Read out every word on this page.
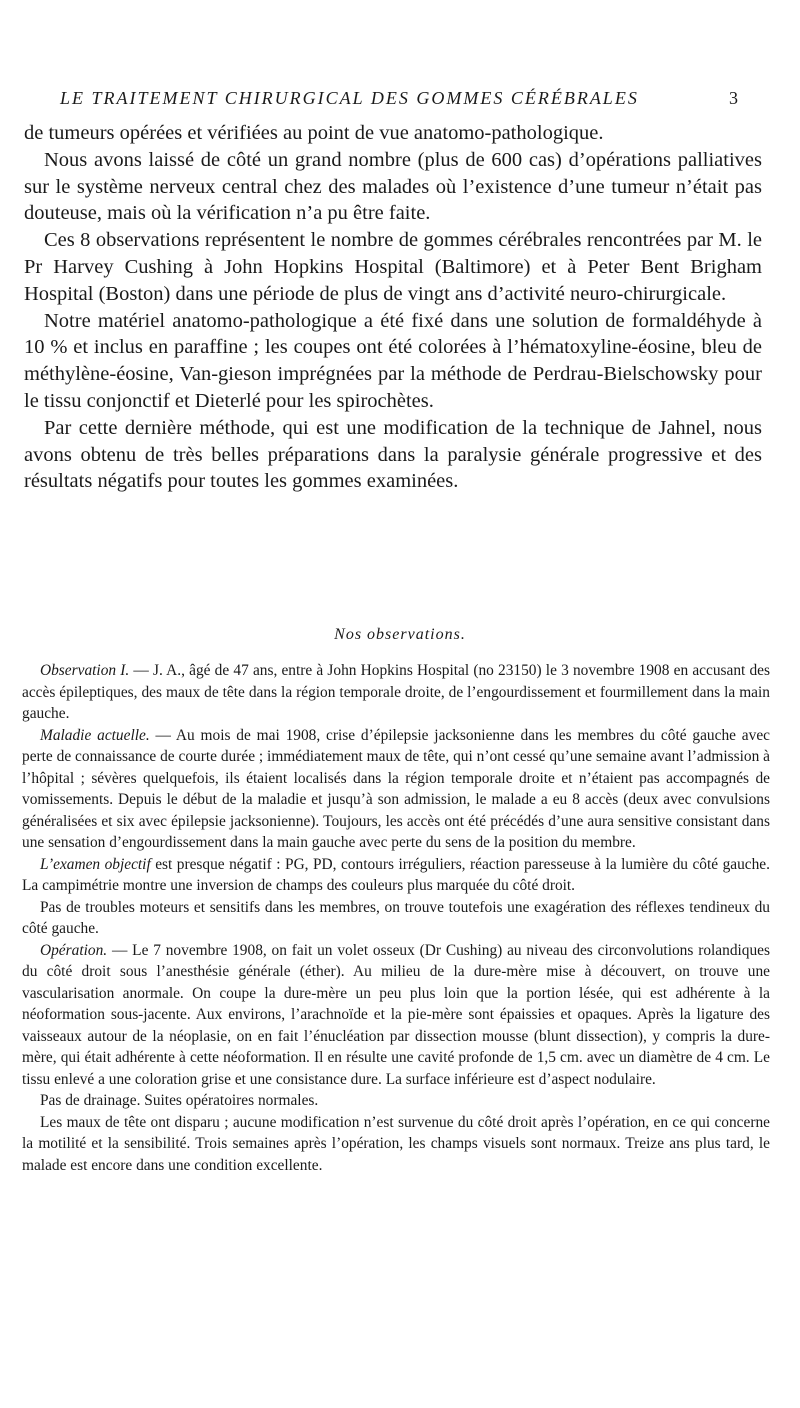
LE TRAITEMENT CHIRURGICAL DES GOMMES CÉRÉBRALES	3

de tumeurs opérées et vérifiées au point de vue anatomo-pathologique.

Nous avons laissé de côté un grand nombre (plus de 600 cas) d’opérations palliatives sur le système nerveux central chez des malades où l’existence d’une tumeur n’était pas douteuse, mais où la vérification n’a pu être faite.

Ces 8 observations représentent le nombre de gommes cérébrales rencontrées par M. le Pr Harvey Cushing à John Hopkins Hospital (Baltimore) et à Peter Bent Brigham Hospital (Boston) dans une période de plus de vingt ans d’activité neuro-chirurgicale.

Notre matériel anatomo-pathologique a été fixé dans une solution de formaldéhyde à 10 % et inclus en paraffine ; les coupes ont été colorées à l’hématoxyline-éosine, bleu de méthylène-éosine, Van-gieson imprégnées par la méthode de Perdrau-Bielschowsky pour le tissu conjonctif et Dieterlé pour les spirochètes.

Par cette dernière méthode, qui est une modification de la technique de Jahnel, nous avons obtenu de très belles préparations dans la paralysie générale progressive et des résultats négatifs pour toutes les gommes examinées.

Nos observations.

Observation I. — J. A., âgé de 47 ans, entre à John Hopkins Hospital (no 23150) le 3 novembre 1908 en accusant des accès épileptiques, des maux de tête dans la région temporale droite, de l’engourdissement et fourmillement dans la main gauche.

Maladie actuelle. — Au mois de mai 1908, crise d’épilepsie jacksonienne dans les membres du côté gauche avec perte de connaissance de courte durée ; immédiatement maux de tête, qui n’ont cessé qu’une semaine avant l’admission à l’hôpital ; sévères quelquefois, ils étaient localisés dans la région temporale droite et n’étaient pas accompagnés de vomissements. Depuis le début de la maladie et jusqu’à son admission, le malade a eu 8 accès (deux avec convulsions généralisées et six avec épilepsie jacksonienne). Toujours, les accès ont été précédés d’une aura sensitive consistant dans une sensation d’engourdissement dans la main gauche avec perte du sens de la position du membre.

L’examen objectif est presque négatif : PG, PD, contours irréguliers, réaction paresseuse à la lumière du côté gauche. La campimétrie montre une inversion de champs des couleurs plus marquée du côté droit.

Pas de troubles moteurs et sensitifs dans les membres, on trouve toutefois une exagération des réflexes tendineux du côté gauche.

Opération. — Le 7 novembre 1908, on fait un volet osseux (Dr Cushing) au niveau des circonvolutions rolandiques du côté droit sous l’anesthésie générale (éther). Au milieu de la dure-mère mise à découvert, on trouve une vascularisation anormale. On coupe la dure-mère un peu plus loin que la portion lésée, qui est adhérente à la néoformation sous-jacente. Aux environs, l’arachnoïde et la pie-mère sont épaissies et opaques. Après la ligature des vaisseaux autour de la néoplasie, on en fait l’énucléation par dissection mousse (blunt dissection), y compris la dure-mère, qui était adhérente à cette néoformation. Il en résulte une cavité profonde de 1,5 cm. avec un diamètre de 4 cm. Le tissu enlevé a une coloration grise et une consistance dure. La surface inférieure est d’aspect nodulaire.

Pas de drainage. Suites opératoires normales.

Les maux de tête ont disparu ; aucune modification n’est survenue du côté droit après l’opération, en ce qui concerne la motilité et la sensibilité. Trois semaines après l’opération, les champs visuels sont normaux. Treize ans plus tard, le malade est encore dans une condition excellente.
